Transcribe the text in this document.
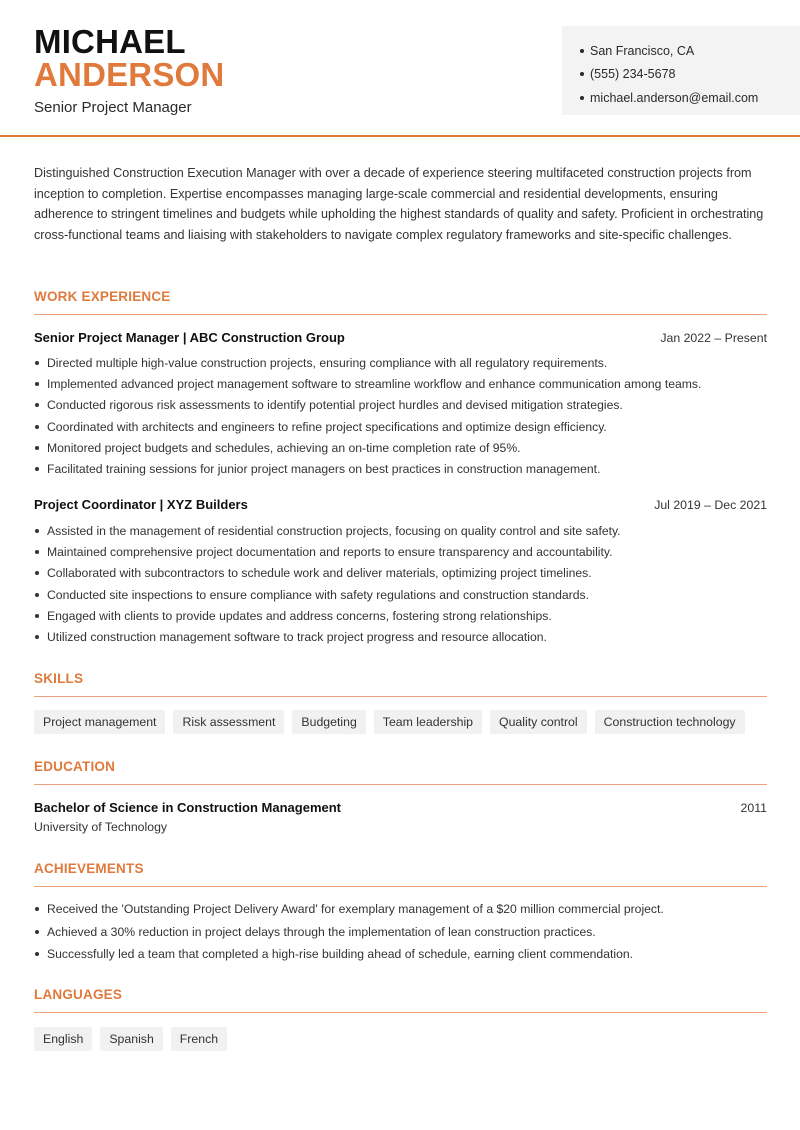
MICHAEL
ANDERSON
Senior Project Manager
San Francisco, CA
(555) 234-5678
michael.anderson@email.com
Distinguished Construction Execution Manager with over a decade of experience steering multifaceted construction projects from inception to completion. Expertise encompasses managing large-scale commercial and residential developments, ensuring adherence to stringent timelines and budgets while upholding the highest standards of quality and safety. Proficient in orchestrating cross-functional teams and liaising with stakeholders to navigate complex regulatory frameworks and site-specific challenges.
WORK EXPERIENCE
Senior Project Manager | ABC Construction Group	Jan 2022 – Present
Directed multiple high-value construction projects, ensuring compliance with all regulatory requirements.
Implemented advanced project management software to streamline workflow and enhance communication among teams.
Conducted rigorous risk assessments to identify potential project hurdles and devised mitigation strategies.
Coordinated with architects and engineers to refine project specifications and optimize design efficiency.
Monitored project budgets and schedules, achieving an on-time completion rate of 95%.
Facilitated training sessions for junior project managers on best practices in construction management.
Project Coordinator | XYZ Builders	Jul 2019 – Dec 2021
Assisted in the management of residential construction projects, focusing on quality control and site safety.
Maintained comprehensive project documentation and reports to ensure transparency and accountability.
Collaborated with subcontractors to schedule work and deliver materials, optimizing project timelines.
Conducted site inspections to ensure compliance with safety regulations and construction standards.
Engaged with clients to provide updates and address concerns, fostering strong relationships.
Utilized construction management software to track project progress and resource allocation.
SKILLS
Project management	Risk assessment	Budgeting	Team leadership	Quality control	Construction technology
EDUCATION
Bachelor of Science in Construction Management	2011
University of Technology
ACHIEVEMENTS
Received the 'Outstanding Project Delivery Award' for exemplary management of a $20 million commercial project.
Achieved a 30% reduction in project delays through the implementation of lean construction practices.
Successfully led a team that completed a high-rise building ahead of schedule, earning client commendation.
LANGUAGES
English	Spanish	French
